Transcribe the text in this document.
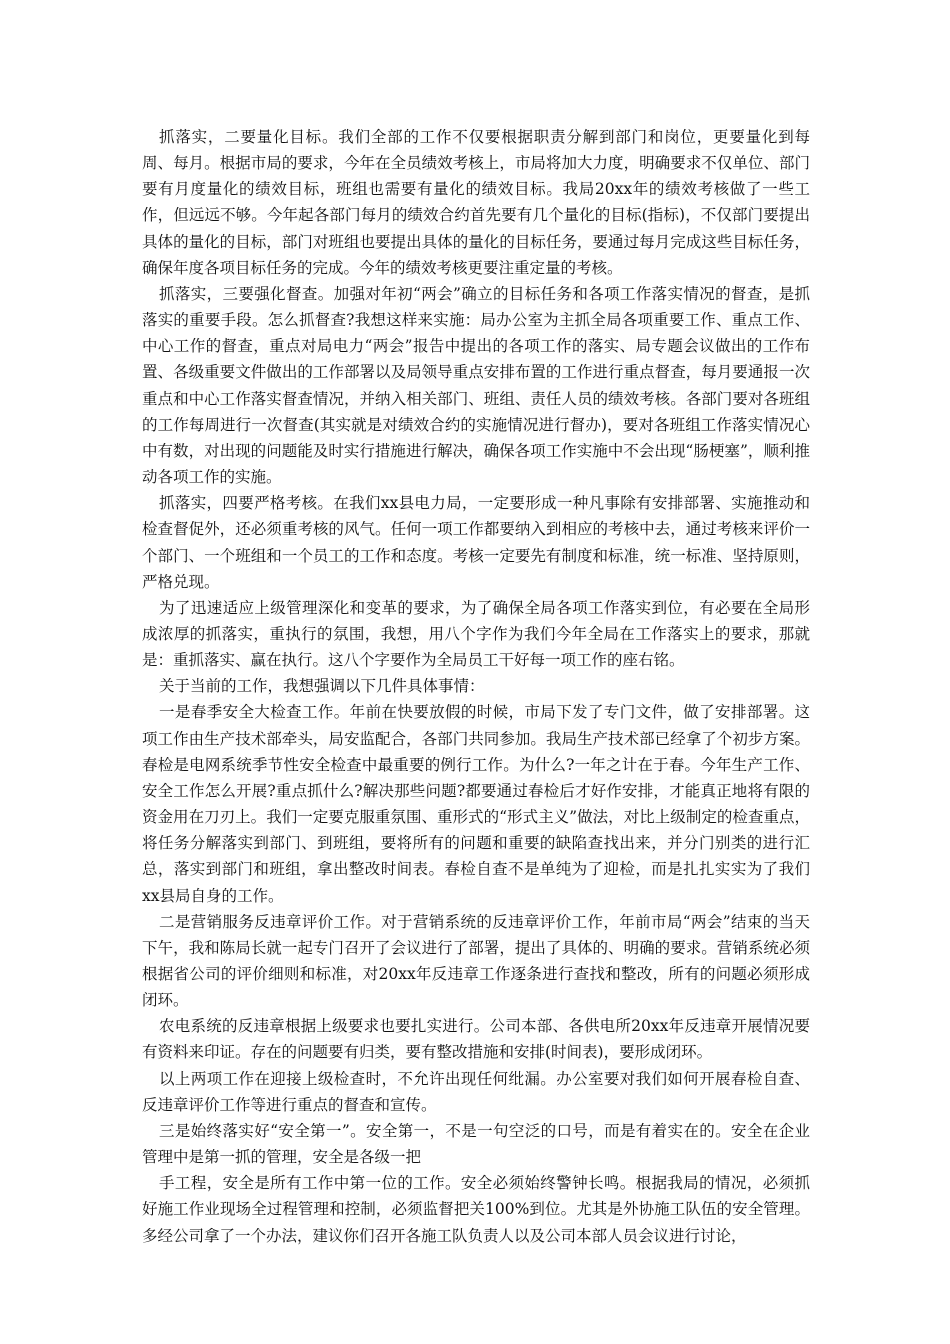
抓落实，二要量化目标。我们全部的工作不仅要根据职责分解到部门和岗位，更要量化到每周、每月。根据市局的要求，今年在全员绩效考核上，市局将加大力度，明确要求不仅单位、部门要有月度量化的绩效目标，班组也需要有量化的绩效目标。我局20xx年的绩效考核做了一些工作，但远远不够。今年起各部门每月的绩效合约首先要有几个量化的目标(指标)，不仅部门要提出具体的量化的目标，部门对班组也要提出具体的量化的目标任务，要通过每月完成这些目标任务，确保年度各项目标任务的完成。今年的绩效考核更要注重定量的考核。

抓落实，三要强化督查。加强对年初“两会”确立的目标任务和各项工作落实情况的督查，是抓落实的重要手段。怎么抓督查?我想这样来实施：局办公室为主抓全局各项重要工作、重点工作、中心工作的督查，重点对局电力“两会”报告中提出的各项工作的落实、局专题会议做出的工作布置、各级重要文件做出的工作部署以及局领导重点安排布置的工作进行重点督查，每月要通报一次重点和中心工作落实督查情况，并纳入相关部门、班组、责任人员的绩效考核。各部门要对各班组的工作每周进行一次督查(其实就是对绩效合约的实施情况进行督办)，要对各班组工作落实情况心中有数，对出现的问题能及时实行措施进行解决，确保各项工作实施中不会出现“肠梗塞”，顺利推动各项工作的实施。

抓落实，四要严格考核。在我们xx县电力局，一定要形成一种凡事除有安排部署、实施推动和检查督促外，还必须重考核的风气。任何一项工作都要纳入到相应的考核中去，通过考核来评价一个部门、一个班组和一个员工的工作和态度。考核一定要先有制度和标准，统一标准、坚持原则，严格兑现。

为了迅速适应上级管理深化和变革的要求，为了确保全局各项工作落实到位，有必要在全局形成浓厚的抓落实，重执行的氛围，我想，用八个字作为我们今年全局在工作落实上的要求，那就是：重抓落实、赢在执行。这八个字要作为全局员工干好每一项工作的座右铭。

关于当前的工作，我想强调以下几件具体事情：

一是春季安全大检查工作。年前在快要放假的时候，市局下发了专门文件，做了安排部署。这项工作由生产技术部牵头，局安监配合，各部门共同参加。我局生产技术部已经拿了个初步方案。春检是电网系统季节性安全检查中最重要的例行工作。为什么?一年之计在于春。今年生产工作、安全工作怎么开展?重点抓什么?解决那些问题?都要通过春检后才好作安排，才能真正地将有限的资金用在刀刃上。我们一定要克服重氛围、重形式的“形式主义”做法，对比上级制定的检查重点，将任务分解落实到部门、到班组，要将所有的问题和重要的缺陷查找出来，并分门别类的进行汇总，落实到部门和班组，拿出整改时间表。春检自查不是单纯为了迎检，而是扎扎实实为了我们xx县局自身的工作。

二是营销服务反违章评价工作。对于营销系统的反违章评价工作，年前市局“两会”结束的当天下午，我和陈局长就一起专门召开了会议进行了部署，提出了具体的、明确的要求。营销系统必须根据省公司的评价细则和标准，对20xx年反违章工作逐条进行查找和整改，所有的问题必须形成闭环。

农电系统的反违章根据上级要求也要扎实进行。公司本部、各供电所20xx年反违章开展情况要有资料来印证。存在的问题要有归类，要有整改措施和安排(时间表)，要形成闭环。

以上两项工作在迎接上级检查时，不允许出现任何纰漏。办公室要对我们如何开展春检自查、反违章评价工作等进行重点的督查和宣传。

三是始终落实好“安全第一”。安全第一，不是一句空泛的口号，而是有着实在的。安全在企业管理中是第一抓的管理，安全是各级一把

手工程，安全是所有工作中第一位的工作。安全必须始终警钟长鸣。根据我局的情况，必须抓好施工作业现场全过程管理和控制，必须监督把关100%到位。尤其是外协施工队伍的安全管理。多经公司拿了一个办法，建议你们召开各施工队负责人以及公司本部人员会议进行讨论，
